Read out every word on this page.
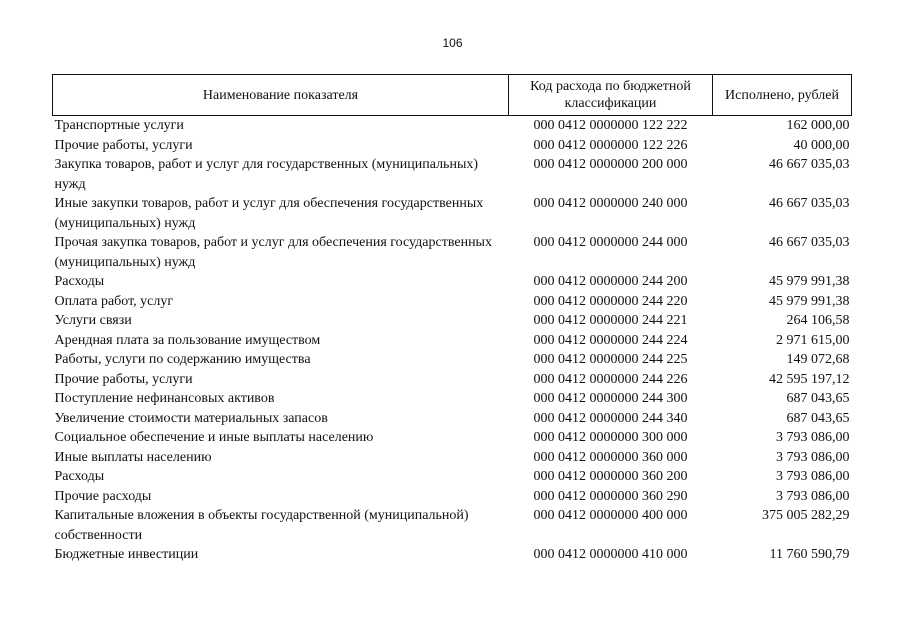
106
Наименование показателя	Код расхода по бюджетной классификации	Исполнено, рублей
Транспортные услуги	000 0412 0000000 122 222	162 000,00
Прочие работы, услуги	000 0412 0000000 122 226	40 000,00
Закупка товаров, работ и услуг для государственных (муниципальных) нужд	000 0412 0000000 200 000	46 667 035,03
Иные закупки товаров, работ и услуг для обеспечения государственных (муниципальных) нужд	000 0412 0000000 240 000	46 667 035,03
Прочая закупка товаров, работ и услуг для обеспечения государственных (муниципальных) нужд	000 0412 0000000 244 000	46 667 035,03
Расходы	000 0412 0000000 244 200	45 979 991,38
Оплата работ, услуг	000 0412 0000000 244 220	45 979 991,38
Услуги связи	000 0412 0000000 244 221	264 106,58
Арендная плата за пользование имуществом	000 0412 0000000 244 224	2 971 615,00
Работы, услуги по содержанию имущества	000 0412 0000000 244 225	149 072,68
Прочие работы, услуги	000 0412 0000000 244 226	42 595 197,12
Поступление нефинансовых активов	000 0412 0000000 244 300	687 043,65
Увеличение стоимости материальных запасов	000 0412 0000000 244 340	687 043,65
Социальное обеспечение и иные выплаты населению	000 0412 0000000 300 000	3 793 086,00
Иные выплаты населению	000 0412 0000000 360 000	3 793 086,00
Расходы	000 0412 0000000 360 200	3 793 086,00
Прочие расходы	000 0412 0000000 360 290	3 793 086,00
Капитальные вложения в объекты государственной (муниципальной) собственности	000 0412 0000000 400 000	375 005 282,29
Бюджетные инвестиции	000 0412 0000000 410 000	11 760 590,79
